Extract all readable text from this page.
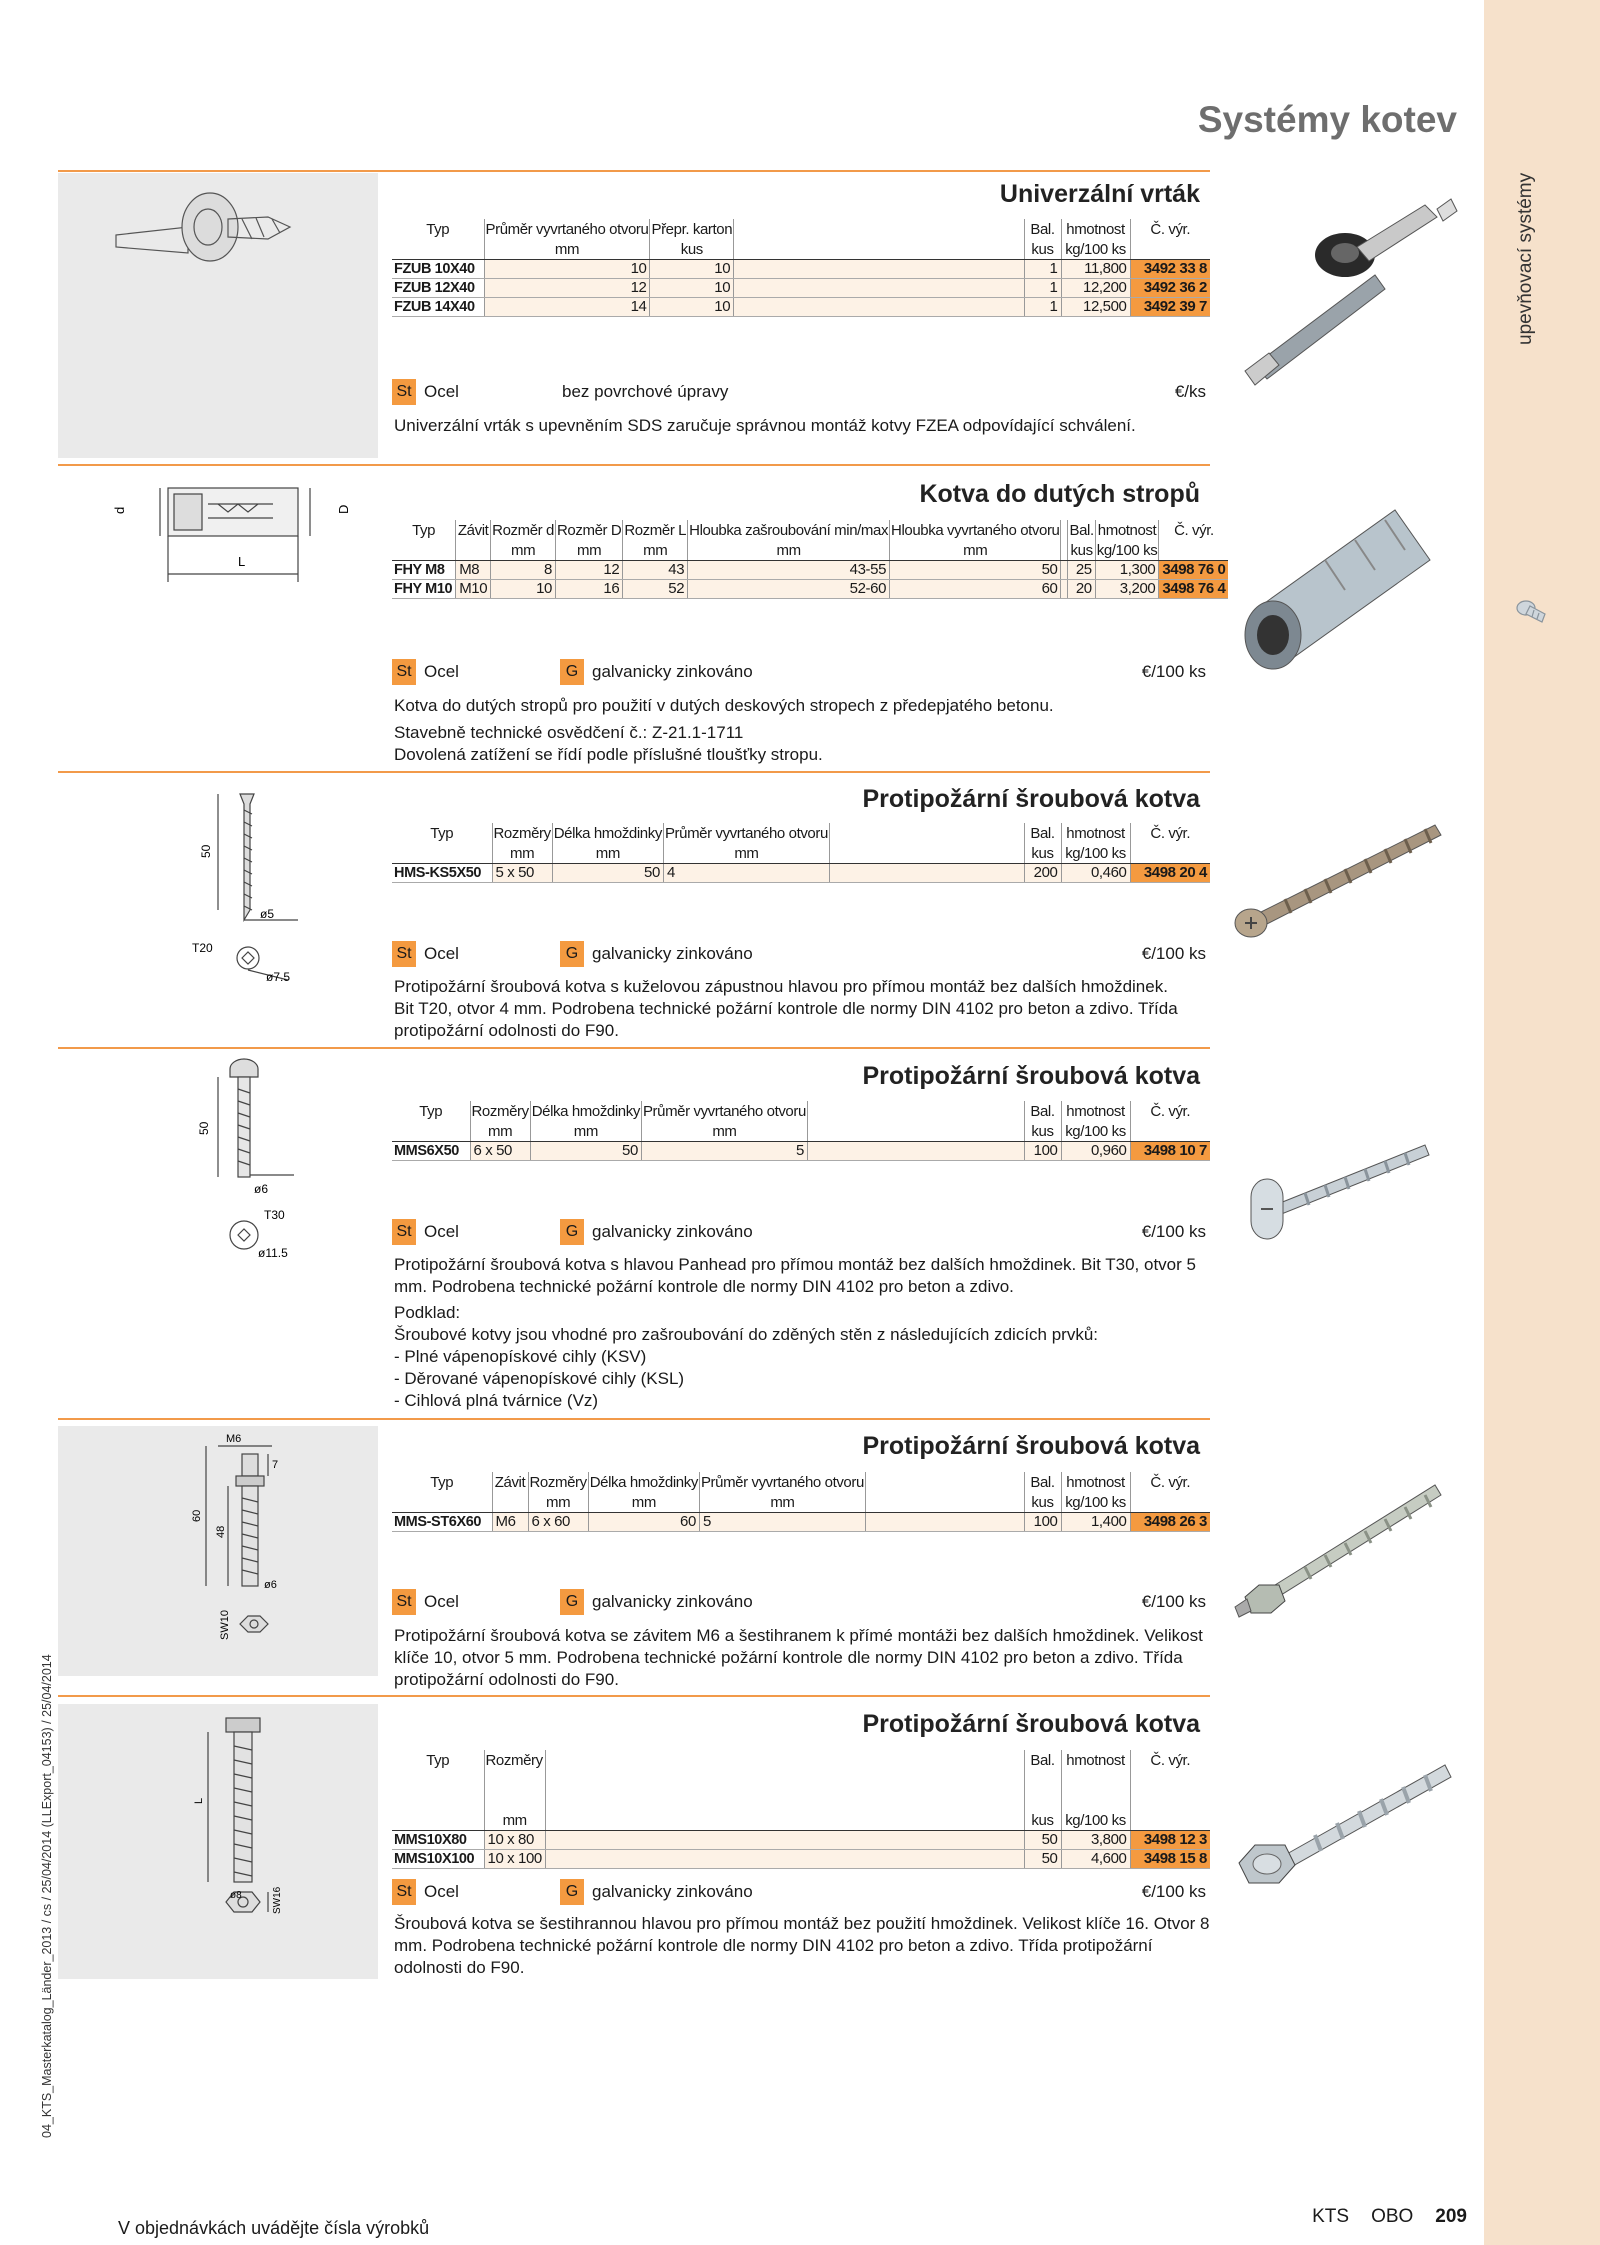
upevňovací systémy
04_KTS_Masterkatalog_Länder_2013 / cs / 25/04/2014 (LLExport_04153) / 25/04/2014
Systémy kotev
Univerzální vrták
Typ	Průměr vyvrtaného otvoru	Přepr. karton		Bal.	hmotnost	Č. výr.
	mm	kus		kus	kg/100 ks	
FZUB 10X40	10	10		1	11,800	3492 33 8
FZUB 12X40	12	10		1	12,200	3492 36 2
FZUB 14X40	14	10		1	12,500	3492 39 7
St Ocel	bez povrchové úpravy	€/ks

Univerzální vrták s upevněním SDS zaručuje správnou montáž kotvy FZEA odpovídající schválení.

d	D
L
Kotva do dutých stropů
Typ	Závit	Rozměr d	Rozměr D	Rozměr L	Hloubka zašroubování min/max	Hloubka vyvrtaného otvoru		Bal.	hmotnost	Č. výr.
		mm	mm	mm	mm	mm		kus	kg/100 ks	
FHY M8	M8	8	12	43	43-55	50		25	1,300	3498 76 0
FHY M10	M10	10	16	52	52-60	60		20	3,200	3498 76 4
St Ocel	G galvanicky zinkováno	€/100 ks

Kotva do dutých stropů pro použití v dutých deskových stropech z předepjatého betonu.

Stavebně technické osvědčení č.: Z-21.1-1711

Dovolená zatížení se řídí podle příslušné tloušťky stropu.

50
ø5
T20
ø7.5
Protipožární šroubová kotva
Typ	Rozměry	Délka hmoždinky	Průměr vyvrtaného otvoru		Bal.	hmotnost	Č. výr.
	mm	mm	mm		kus	kg/100 ks	
HMS-KS5X50	5 x 50	50	4		200	0,460	3498 20 4
St Ocel	G galvanicky zinkováno	€/100 ks

Protipožární šroubová kotva s kuželovou zápustnou hlavou pro přímou montáž bez dalších hmoždinek. Bit T20, otvor 4 mm. Podrobena technické požární kontrole dle normy DIN 4102 pro beton a zdivo. Třída protipožární odolnosti do F90.

50
ø6
T30
ø11.5
Protipožární šroubová kotva
Typ	Rozměry	Délka hmoždinky	Průměr vyvrtaného otvoru		Bal.	hmotnost	Č. výr.
	mm	mm	mm		kus	kg/100 ks	
MMS6X50	6 x 50	50	5		100	0,960	3498 10 7
St Ocel	G galvanicky zinkováno	€/100 ks

Protipožární šroubová kotva s hlavou Panhead pro přímou montáž bez dalších hmoždinek. Bit T30, otvor 5 mm. Podrobena technické požární kontrole dle normy DIN 4102 pro beton a zdivo.

Podklad:

Šroubové kotvy jsou vhodné pro zašroubování do zděných stěn z následujících zdicích prvků:

- Plné vápenopískové cihly (KSV)

- Děrované vápenopískové cihly (KSL)

- Cihlová plná tvárnice (Vz)

M6
7
60
48
ø6
SW10
Protipožární šroubová kotva
Typ	Závit	Rozměry	Délka hmoždinky	Průměr vyvrtaného otvoru		Bal.	hmotnost	Č. výr.
		mm	mm	mm		kus	kg/100 ks	
MMS-ST6X60	M6	6 x 60	60	5		100	1,400	3498 26 3
St Ocel	G galvanicky zinkováno	€/100 ks

Protipožární šroubová kotva se závitem M6 a šestihranem k přímé montáži bez dalších hmoždinek. Velikost klíče 10, otvor 5 mm. Podrobena technické požární kontrole dle normy DIN 4102 pro beton a zdivo. Třída protipožární odolnosti do F90.

L
ø8	SW16
Protipožární šroubová kotva
Typ	Rozměry		Bal.	hmotnost	Č. výr.

	mm		kus	kg/100 ks	
MMS10X80	10 x 80		50	3,800	3498 12 3
MMS10X100	10 x 100		50	4,600	3498 15 8
St Ocel	G galvanicky zinkováno	€/100 ks

Šroubová kotva se šestihrannou hlavou pro přímou montáž bez použití hmoždinek. Velikost klíče 16. Otvor 8 mm. Podrobena technické požární kontrole dle normy DIN 4102 pro beton a zdivo. Třída protipožární odolnosti do F90.

V objednávkách uvádějte čísla výrobků
KTS OBO 209
